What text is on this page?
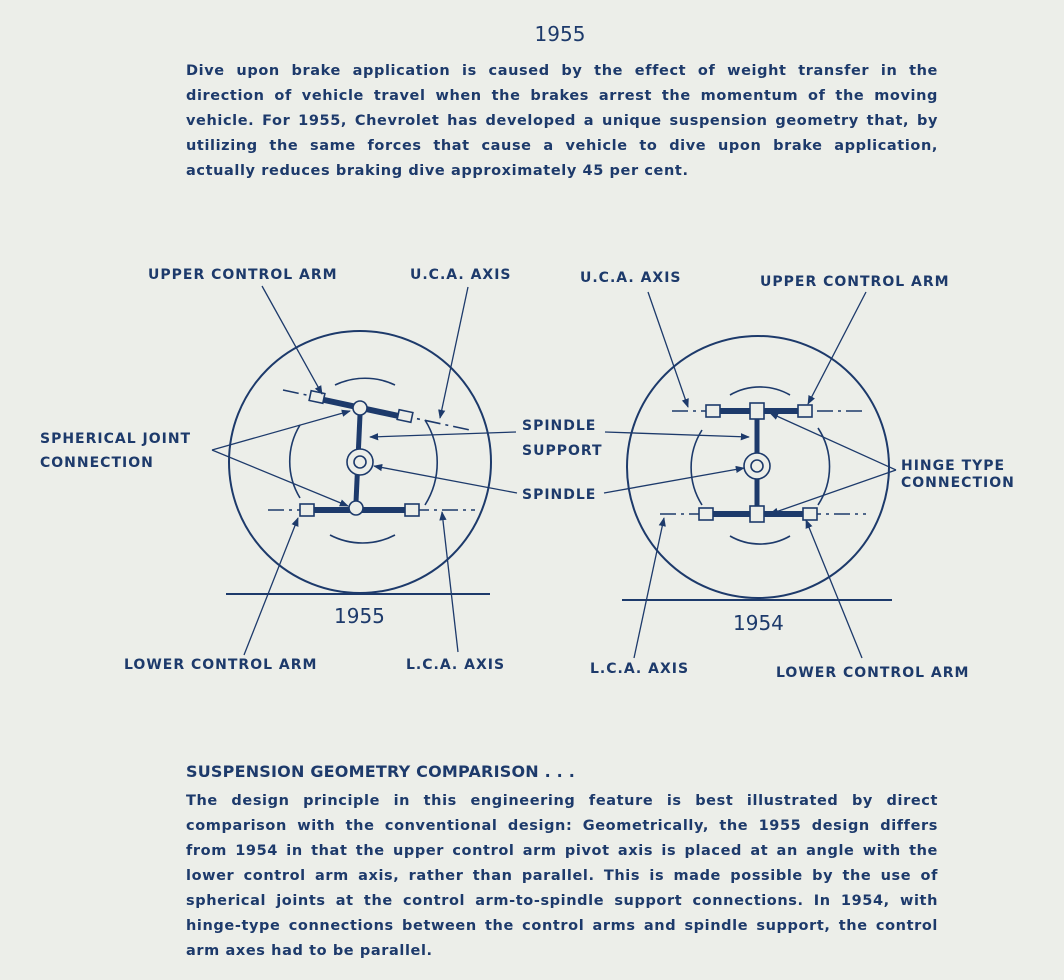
1955

Dive upon brake application is caused by the effect of weight transfer in the direction of vehicle travel when the brakes arrest the momentum of the moving vehicle. For 1955, Chevrolet has developed a unique suspension geometry that, by utilizing the same forces that cause a vehicle to dive upon brake application, actually reduces braking dive approximately 45 per cent.

UPPER CONTROL ARM	U.C.A. AXIS
SPHERICAL JOINT
CONNECTION
1955
LOWER CONTROL ARM	L.C.A. AXIS
SPINDLE
SUPPORT
SPINDLE
U.C.A. AXIS	UPPER CONTROL ARM
HINGE TYPE
CONNECTION
1954
L.C.A. AXIS	LOWER CONTROL ARM

SUSPENSION GEOMETRY COMPARISON . . .

The design principle in this engineering feature is best illustrated by direct comparison with the conventional design: Geometrically, the 1955 design differs from 1954 in that the upper control arm pivot axis is placed at an angle with the lower control arm axis, rather than parallel. This is made possible by the use of spherical joints at the control arm-to-spindle support connections. In 1954, with hinge-type connections between the control arms and spindle support, the control arm axes had to be parallel.
